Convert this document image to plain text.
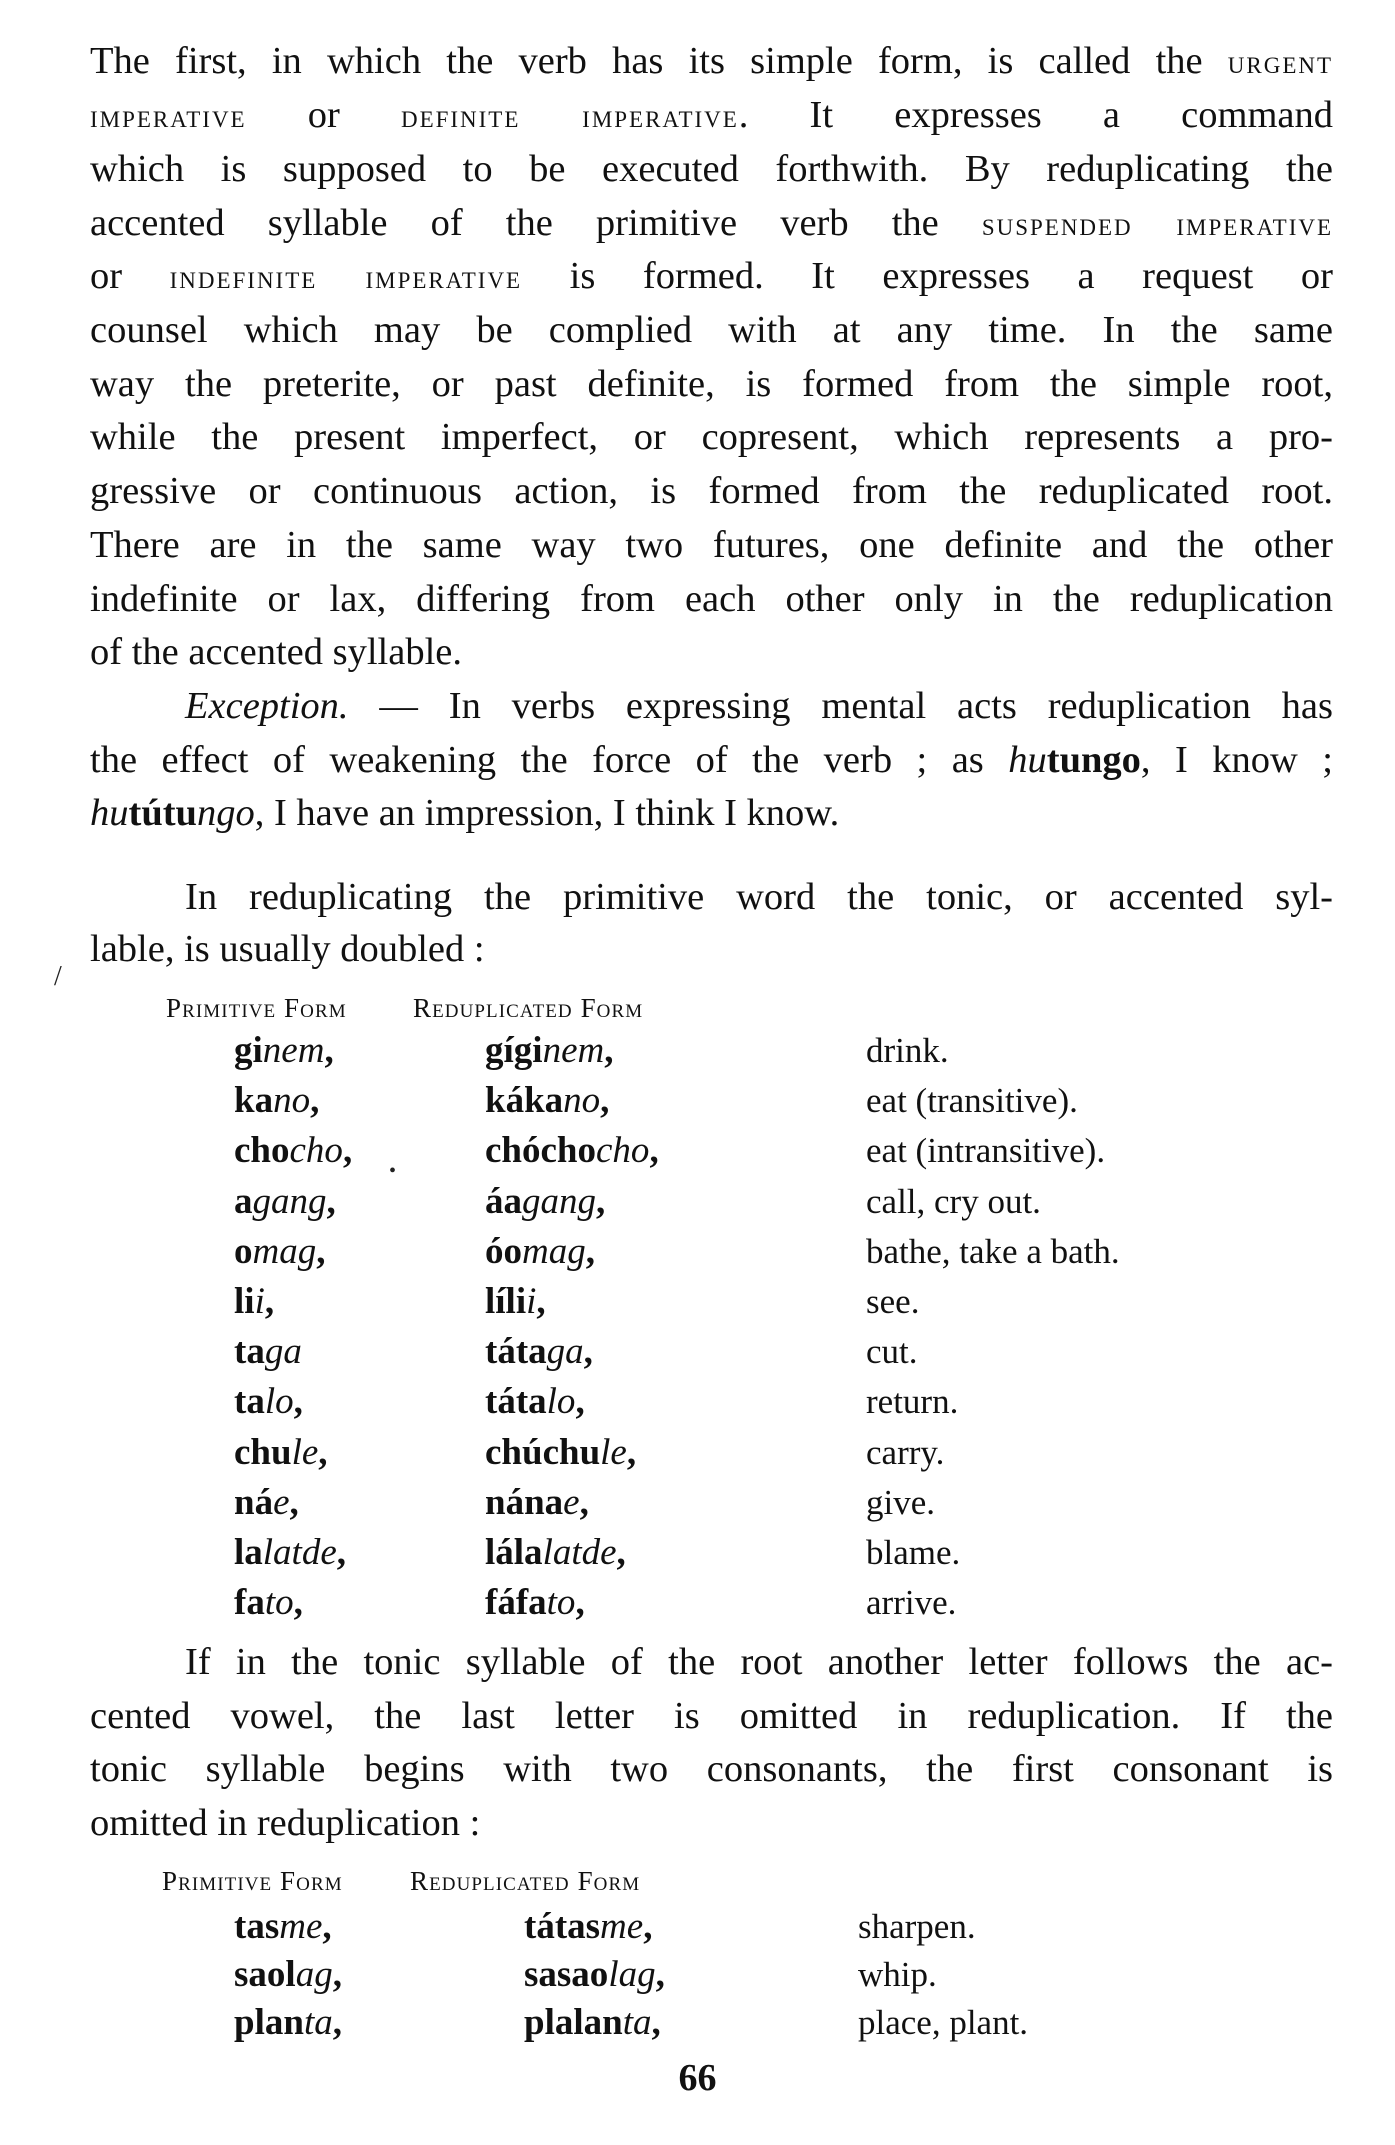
The first, in which the verb has its simple form, is called the urgent
imperative or definite imperative. It expresses a command
which is supposed to be executed forthwith. By reduplicating the
accented syllable of the primitive verb the suspended imperative
or indefinite imperative is formed. It expresses a request or
counsel which may be complied with at any time. In the same
way the preterite, or past definite, is formed from the simple root,
while the present imperfect, or copresent, which represents a pro-
gressive or continuous action, is formed from the reduplicated root.
There are in the same way two futures, one definite and the other
indefinite or lax, differing from each other only in the reduplication
of the accented syllable.
Exception. — In verbs expressing mental acts reduplication has
the effect of weakening the force of the verb ; as hutungo, I know ;
hutútungo, I have an impression, I think I know.
In reduplicating the primitive word the tonic, or accented syl-
lable, is usually doubled :
/
Primitive Form Reduplicated Form
ginem,	gíginem,	drink.
kano,	kákano,	eat (transitive).
chocho,	chóchocho,	eat (intransitive).
agang,	áagang,	call, cry out.
omag,	óomag,	bathe, take a bath.
lii,	lílii,	see.
taga	tátaga,	cut.
talo,	tátalo,	return.
chule,	chúchule,	carry.
náe,	nánae,	give.
lalatde,	lálalatde,	blame.
fato,	fáfato,	arrive.
•
If in the tonic syllable of the root another letter follows the ac-
cented vowel, the last letter is omitted in reduplication. If the
tonic syllable begins with two consonants, the first consonant is
omitted in reduplication :
Primitive Form Reduplicated Form
tasme,	tátasme,	sharpen.
saolag,	sasaolag,	whip.
planta,	plalanta,	place, plant.
66
